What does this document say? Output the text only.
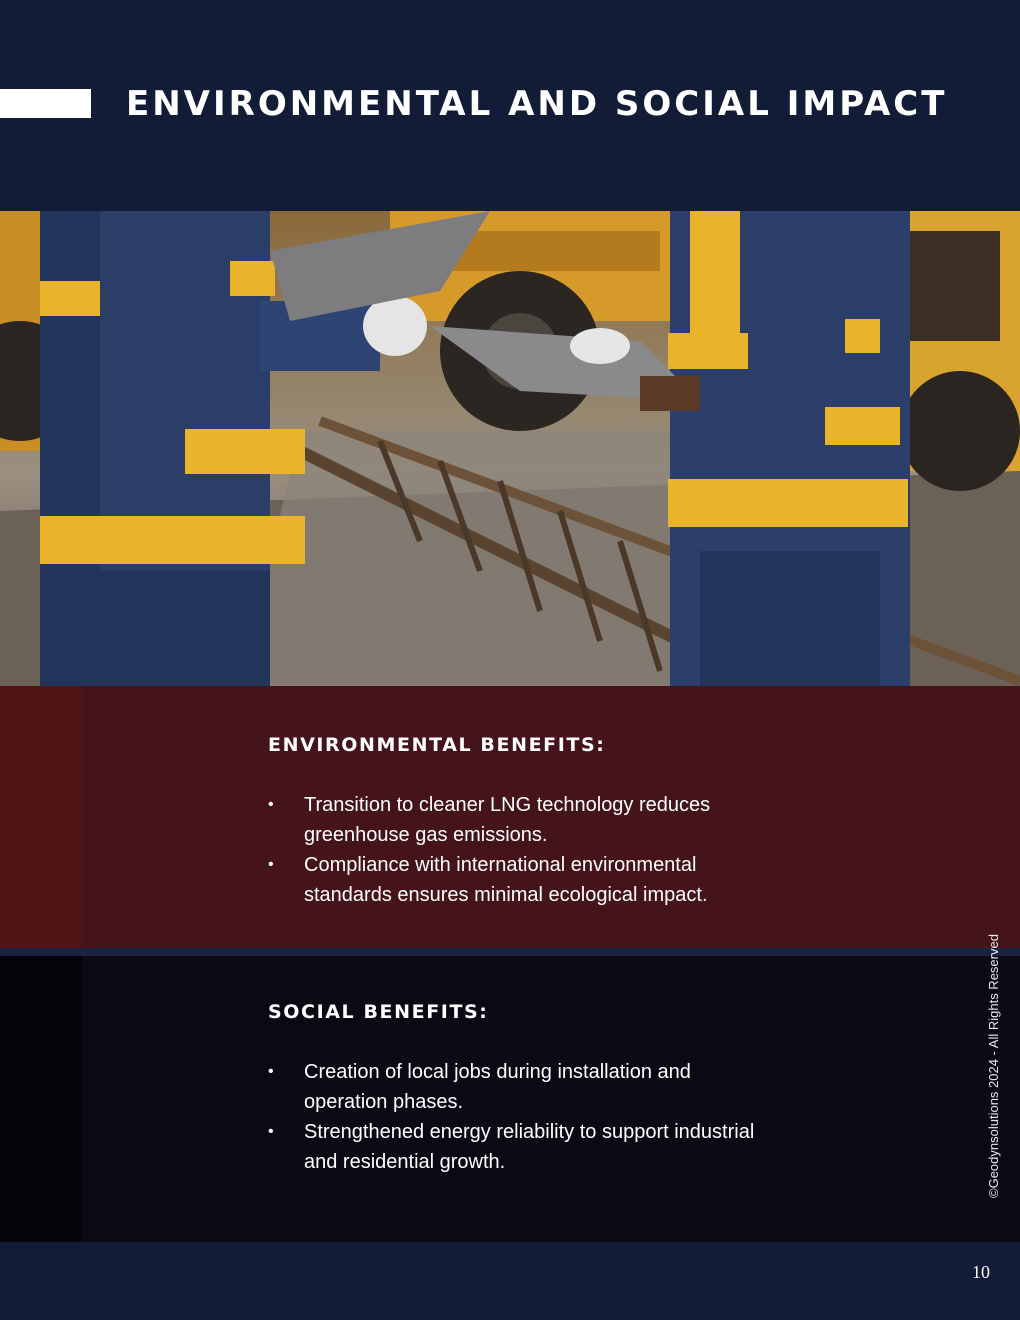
ENVIRONMENTAL AND SOCIAL IMPACT
ENVIRONMENTAL BENEFITS:
• Transition to cleaner LNG technology reduces greenhouse gas emissions.
• Compliance with international environmental standards ensures minimal ecological impact.
SOCIAL BENEFITS:
• Creation of local jobs during installation and operation phases.
• Strengthened energy reliability to support industrial and residential growth.	©Geodynsolutions 2024 - All Rights Reserved
10
